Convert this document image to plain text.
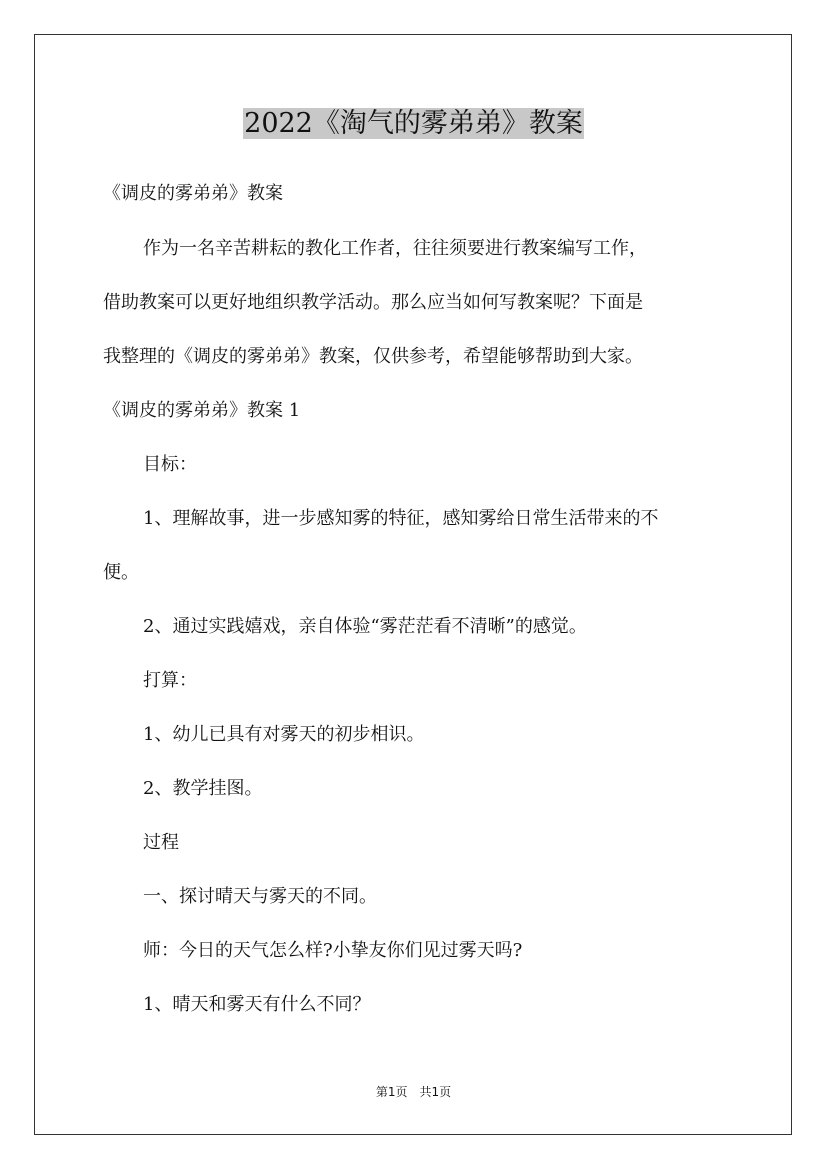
2022《淘气的雾弟弟》教案

《调皮的雾弟弟》教案

作为一名辛苦耕耘的教化工作者，往往须要进行教案编写工作，

借助教案可以更好地组织教学活动。那么应当如何写教案呢？下面是

我整理的《调皮的雾弟弟》教案，仅供参考，希望能够帮助到大家。

《调皮的雾弟弟》教案 1

目标：

1、理解故事，进一步感知雾的特征，感知雾给日常生活带来的不

便。

2、通过实践嬉戏，亲自体验“雾茫茫看不清晰”的感觉。

打算：

1、幼儿已具有对雾天的初步相识。

2、教学挂图。

过程

一、探讨晴天与雾天的不同。

师：今日的天气怎么样?小挚友你们见过雾天吗?

1、晴天和雾天有什么不同？

第1页　共1页
